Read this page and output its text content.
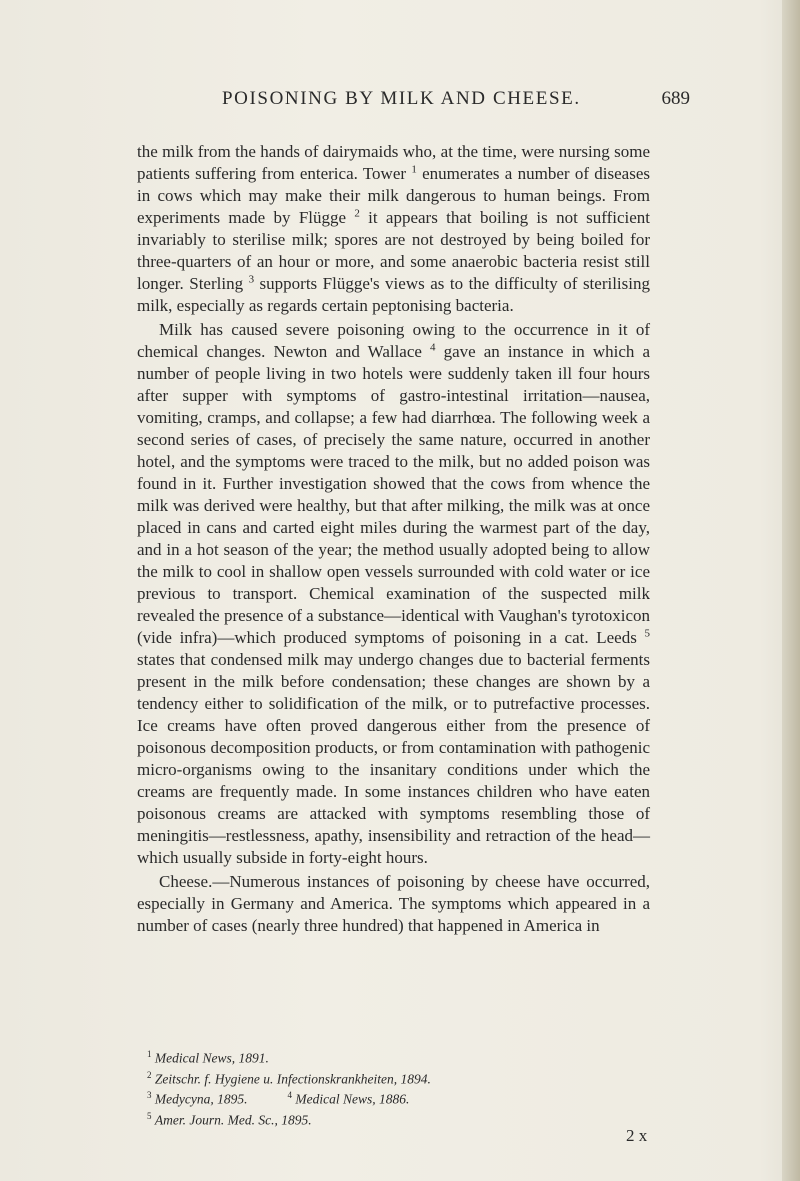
POISONING BY MILK AND CHEESE.	689

the milk from the hands of dairymaids who, at the time, were nursing some patients suffering from enterica. Tower $^1$ enumerates a number of diseases in cows which may make their milk dangerous to human beings. From experiments made by Flügge $^2$ it appears that boiling is not sufficient invariably to sterilise milk; spores are not destroyed by being boiled for three-quarters of an hour or more, and some anaerobic bacteria resist still longer. Sterling $^3$ supports Flügge's views as to the difficulty of sterilising milk, especially as regards certain peptonising bacteria.

Milk has caused severe poisoning owing to the occurrence in it of chemical changes. Newton and Wallace $^4$ gave an instance in which a number of people living in two hotels were suddenly taken ill four hours after supper with symptoms of gastro-intestinal irritation—nausea, vomiting, cramps, and collapse; a few had diarrhœa. The following week a second series of cases, of precisely the same nature, occurred in another hotel, and the symptoms were traced to the milk, but no added poison was found in it. Further investigation showed that the cows from whence the milk was derived were healthy, but that after milking, the milk was at once placed in cans and carted eight miles during the warmest part of the day, and in a hot season of the year; the method usually adopted being to allow the milk to cool in shallow open vessels surrounded with cold water or ice previous to transport. Chemical examination of the suspected milk revealed the presence of a substance—identical with Vaughan's tyrotoxicon (vide infra)—which produced symptoms of poisoning in a cat. Leeds $^5$ states that condensed milk may undergo changes due to bacterial ferments present in the milk before condensation; these changes are shown by a tendency either to solidification of the milk, or to putrefactive processes. Ice creams have often proved dangerous either from the presence of poisonous decomposition products, or from contamination with pathogenic micro-organisms owing to the insanitary conditions under which the creams are frequently made. In some instances children who have eaten poisonous creams are attacked with symptoms resembling those of meningitis—restlessness, apathy, insensibility and retraction of the head—which usually subside in forty-eight hours.

Cheese.—Numerous instances of poisoning by cheese have occurred, especially in Germany and America. The symptoms which appeared in a number of cases (nearly three hundred) that happened in America in

$^1$ Medical News, 1891.

$^2$ Zeitschr. f. Hygiene u. Infectionskrankheiten, 1894.

$^3$ Medycyna, 1895.	$^4$ Medical News, 1886.

$^5$ Amer. Journ. Med. Sc., 1895.

2 x
